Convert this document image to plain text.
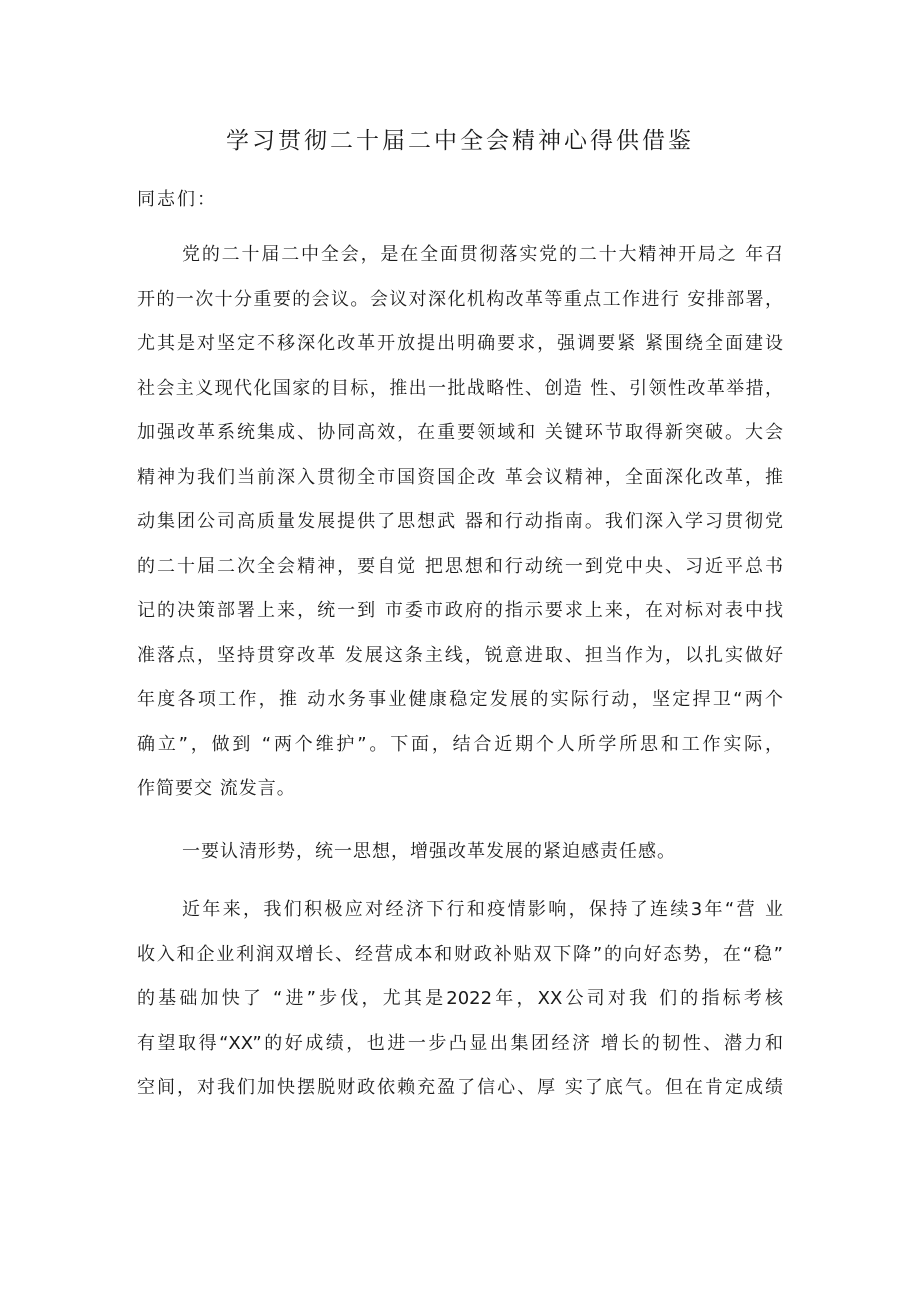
学习贯彻二十届二中全会精神心得供借鉴
同志们：
党的二十届二中全会，是在全面贯彻落实党的二十大精神开局之 年召
开的一次十分重要的会议。会议对深化机构改革等重点工作进行 安排部署，
尤其是对坚定不移深化改革开放提出明确要求，强调要紧 紧围绕全面建设
社会主义现代化国家的目标，推出一批战略性、创造 性、引领性改革举措，
加强改革系统集成、协同高效，在重要领域和 关键环节取得新突破。大会
精神为我们当前深入贯彻全市国资国企改 革会议精神，全面深化改革，推
动集团公司高质量发展提供了思想武 器和行动指南。我们深入学习贯彻党
的二十届二次全会精神，要自觉 把思想和行动统一到党中央、习近平总书
记的决策部署上来，统一到 市委市政府的指示要求上来，在对标对表中找
准落点，坚持贯穿改革 发展这条主线，锐意进取、担当作为，以扎实做好
年度各项工作，推 动水务事业健康稳定发展的实际行动，坚定捍卫“两个
确立”，做到 “两个维护”。下面，结合近期个人所学所思和工作实际，
作简要交 流发言。
一要认清形势，统一思想，增强改革发展的紧迫感责任感。
近年来，我们积极应对经济下行和疫情影响，保持了连续3年“营 业
收入和企业利润双增长、经营成本和财政补贴双下降”的向好态势，在“稳”
的基础加快了 “进”步伐，尤其是2022年，XX公司对我 们的指标考核
有望取得“XX”的好成绩，也进一步凸显出集团经济 增长的韧性、潜力和
空间，对我们加快摆脱财政依赖充盈了信心、厚 实了底气。但在肯定成绩
